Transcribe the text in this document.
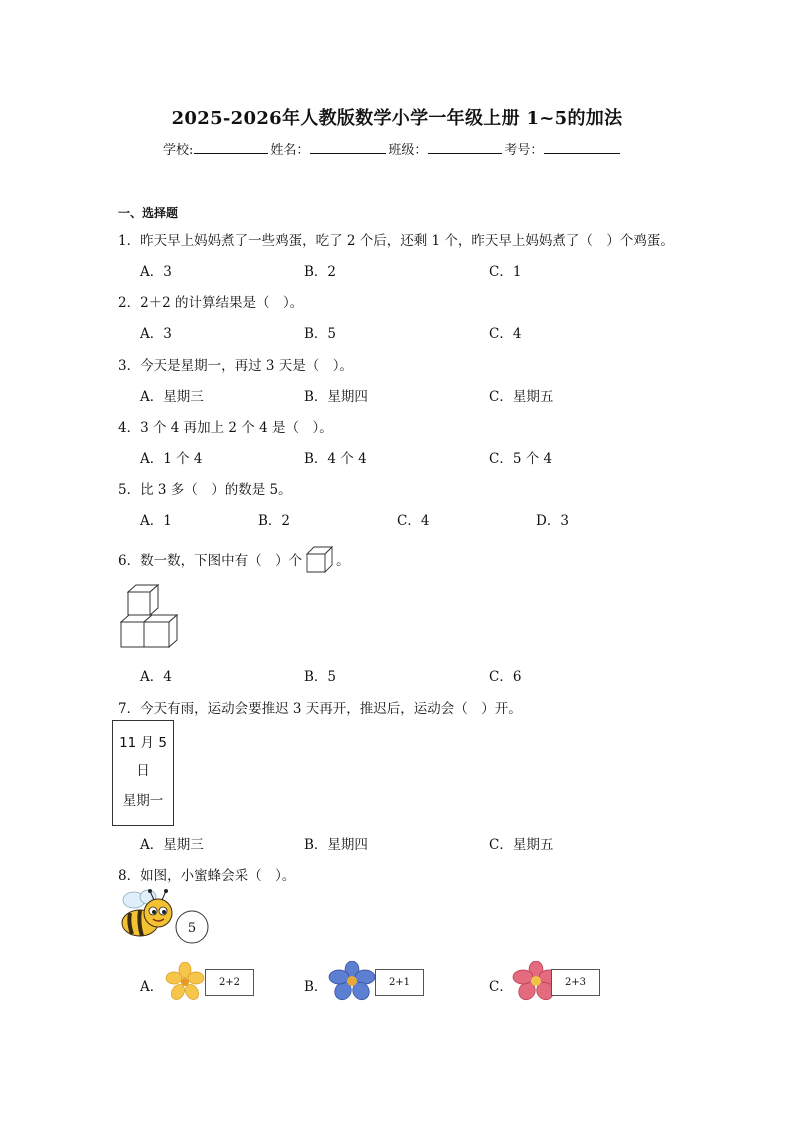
2025-2026年人教版数学小学一年级上册 1~5的加法
学校:	姓名：	班级：	考号：
一、选择题
1．昨天早上妈妈煮了一些鸡蛋，吃了 2 个后，还剩 1 个，昨天早上妈妈煮了（　）个鸡蛋。
A．3	B．2	C．1
2．2＋2 的计算结果是（　）。
A．3	B．5	C．4
3．今天是星期一，再过 3 天是（　）。
A．星期三	B．星期四	C．星期五
4．3 个 4 再加上 2 个 4 是（　）。
A．1 个 4	B．4 个 4	C．5 个 4
5．比 3 多（　）的数是 5。
A．1	B．2	C．4	D．3
6．数一数，下图中有（　）个	。
A．4	B．5	C．6
7．今天有雨，运动会要推迟 3 天再开，推迟后，运动会（　）开。
11 月 5
日
星期一
A．星期三	B．星期四	C．星期五
8．如图，小蜜蜂会采（　）。
5
A．	2+2	B．	2+1	C．	2+3
